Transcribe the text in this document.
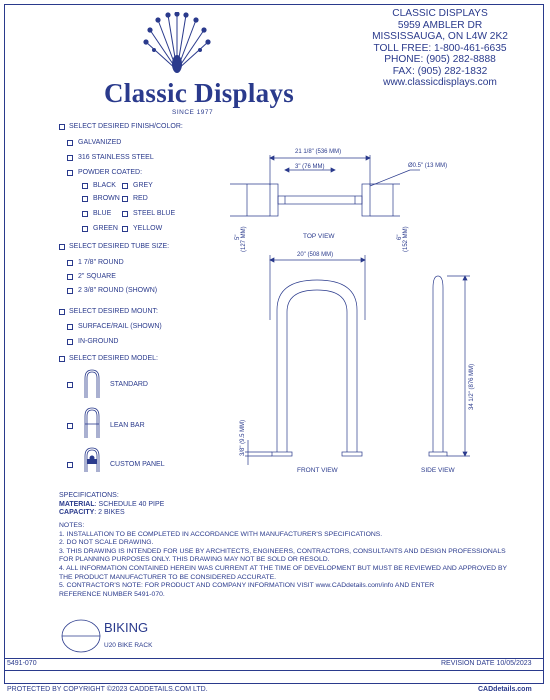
Classic Displays
SINCE 1977
CLASSIC DISPLAYS
5959 AMBLER DR
MISSISSAUGA, ON L4W 2K2
TOLL FREE: 1-800-461-6635
PHONE: (905) 282-8888
FAX: (905) 282-1832
www.classicdisplays.com
SELECT DESIRED FINISH/COLOR:
GALVANIZED
316 STAINLESS STEEL
POWDER COATED:
BLACK GREY
BROWN RED
BLUE	STEEL BLUE
GREEN YELLOW
SELECT DESIRED TUBE SIZE:
1 7/8" ROUND
2" SQUARE
2 3/8" ROUND (SHOWN)
SELECT DESIRED MOUNT:
SURFACE/RAIL (SHOWN)
IN-GROUND
SELECT DESIRED MODEL:
STANDARD
LEAN BAR
CUSTOM PANEL
21 1/8" (536 MM)
3" (76 MM)	Ø0.5" (13 MM)
5" (127 MM)	6" (152 MM)
TOP VIEW
20" (508 MM)
3/8" (9.5 MM)
FRONT VIEW
34 1/2" (876 MM)
SIDE VIEW
SPECIFICATIONS:
MATERIAL: SCHEDULE 40 PIPE
CAPACITY: 2 BIKES
NOTES:
1. INSTALLATION TO BE COMPLETED IN ACCORDANCE WITH MANUFACTURER'S SPECIFICATIONS.
2. DO NOT SCALE DRAWING.
3. THIS DRAWING IS INTENDED FOR USE BY ARCHITECTS, ENGINEERS, CONTRACTORS, CONSULTANTS AND DESIGN PROFESSIONALS
FOR PLANNING PURPOSES ONLY. THIS DRAWING MAY NOT BE SOLD OR RESOLD.
4. ALL INFORMATION CONTAINED HEREIN WAS CURRENT AT THE TIME OF DEVELOPMENT BUT MUST BE REVIEWED AND APPROVED BY
THE PRODUCT MANUFACTURER TO BE CONSIDERED ACCURATE.
5. CONTRACTOR'S NOTE: FOR PRODUCT AND COMPANY INFORMATION VISIT www.CADdetails.com/info AND ENTER
REFERENCE NUMBER 5491-070.
BIKING
U20 BIKE RACK
5491-070	REVISION DATE 10/05/2023
PROTECTED BY COPYRIGHT ©2023 CADDETAILS.COM LTD.	CADdetails.com
